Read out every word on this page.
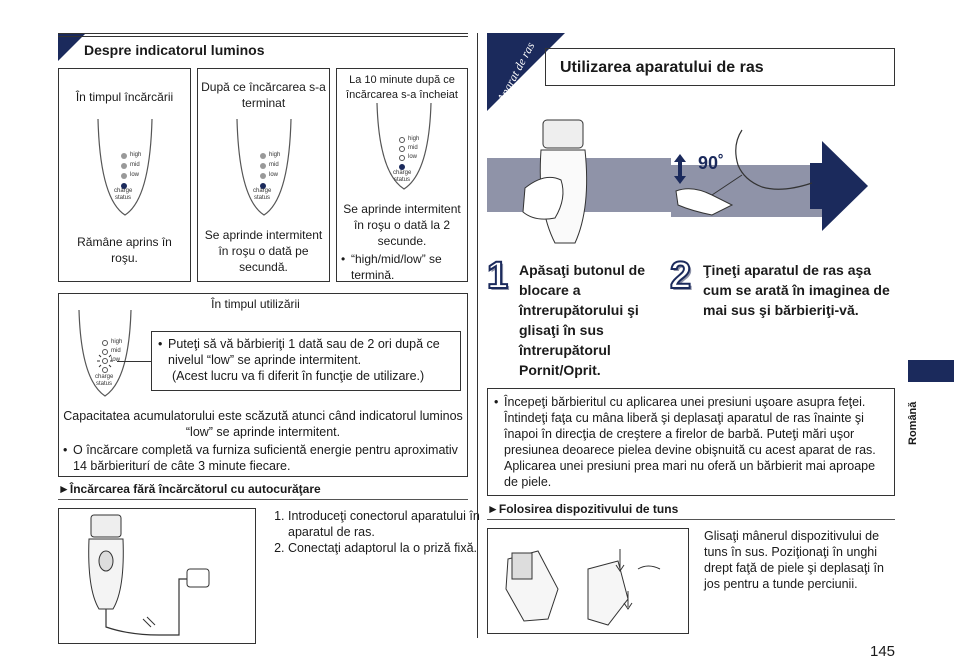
Despre indicatorul luminos
În timpul încărcării
high
mid
low
charge
status
Rămâne aprins în roşu.
După ce încărcarea s-a terminat
high
mid
low
charge
status
Se aprinde intermitent în roşu o dată pe secundă.
La 10 minute după ce încărcarea s-a încheiat
high
mid
low
charge
status
Se aprinde intermitent în roşu o dată la 2 secunde.
• “high/mid/low” se termină.
În timpul utilizării
high
mid
low
charge
status
• Puteţi să vă bărbieriţi 1 dată sau de 2 ori după ce nivelul “low” se aprinde intermitent.
(Acest lucru va fi diferit în funcţie de utilizare.)
Capacitatea acumulatorului este scăzută atunci când indicatorul luminos “low” se aprinde intermitent.
• O încărcare completă va furniza suficientă energie pentru aproximativ 14 bărbieriturí de câte 3 minute fiecare.
►Încărcarea fără încărcătorul cu autocurăţare
1. Introduceţi conectorul aparatului în aparatul de ras.
2. Conectaţi adaptorul la o priză fixă.
Aparat de ras Utilizarea aparatului de ras
90˚
1 Apăsaţi butonul de blocare a întrerupătorului şi glisaţi în sus întrerupătorul Pornit/Oprit.
2 Ţineţi aparatul de ras aşa cum se arată în imaginea de mai sus şi bărbieriţi-vă.
• Începeţi bărbieritul cu aplicarea unei presiuni uşoare asupra feţei. Întindeţi faţa cu mâna liberă şi deplasaţi aparatul de ras înainte şi înapoi în direcţia de creştere a firelor de barbă. Puteţi mări uşor presiunea deoarece pielea devine obişnuită cu acest aparat de ras. Aplicarea unei presiuni prea mari nu oferă un bărbierit mai aproape de piele.
►Folosirea dispozitivului de tuns
Glisaţi mânerul dispozitivului de tuns în sus. Poziţionaţi în unghi drept faţă de piele şi deplasaţi în jos pentru a tunde perciunii.
Română
145
